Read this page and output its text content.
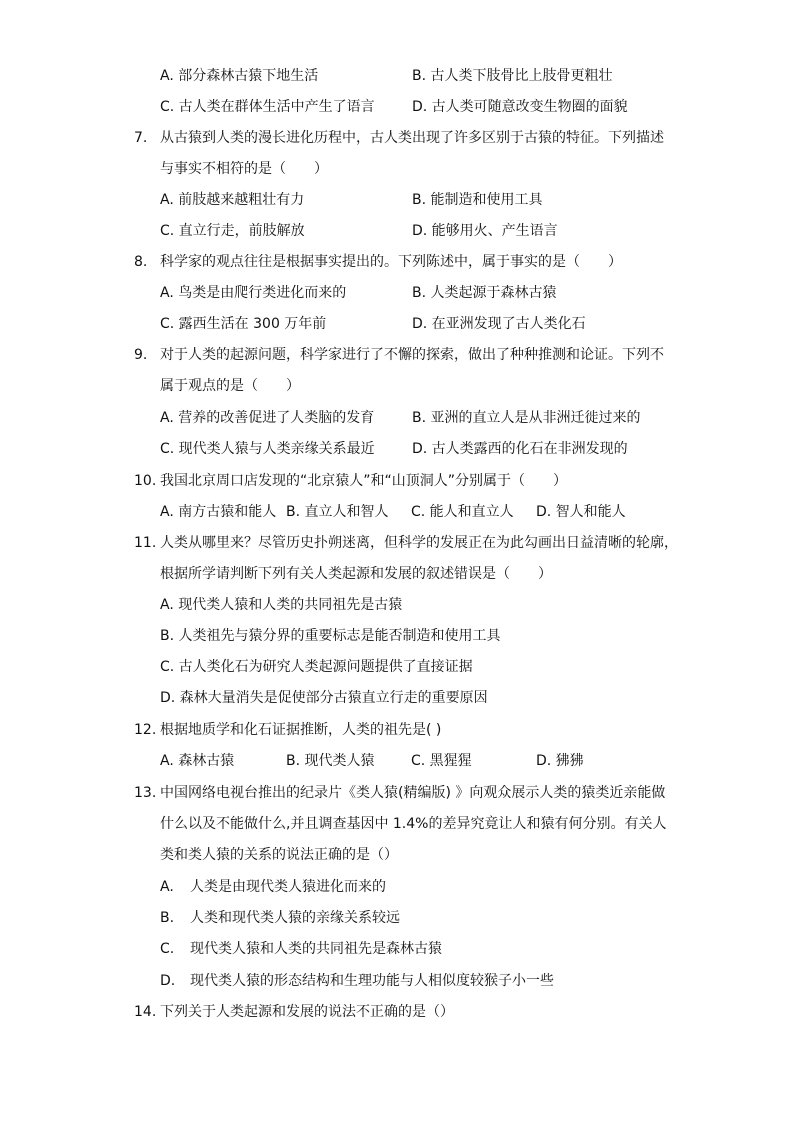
A. 部分森林古猿下地生活	B. 古人类下肢骨比上肢骨更粗壮
C. 古人类在群体生活中产生了语言	D. 古人类可随意改变生物圈的面貌
7. 从古猿到人类的漫长进化历程中，古人类出现了许多区别于古猿的特征。下列描述
与事实不相符的是（　　）
A. 前肢越来越粗壮有力	B. 能制造和使用工具
C. 直立行走，前肢解放	D. 能够用火、产生语言
8. 科学家的观点往往是根据事实提出的。下列陈述中，属于事实的是（　　）
A. 鸟类是由爬行类进化而来的	B. 人类起源于森林古猿
C. 露西生活在 300 万年前	D. 在亚洲发现了古人类化石
9. 对于人类的起源问题，科学家进行了不懈的探索，做出了种种推测和论证。下列不
属于观点的是（　　）
A. 营养的改善促进了人类脑的发育	B. 亚洲的直立人是从非洲迁徙过来的
C. 现代类人猿与人类亲缘关系最近	D. 古人类露西的化石在非洲发现的
10. 我国北京周口店发现的“北京猿人”和“山顶洞人”分别属于（　　）
A. 南方古猿和能人 B. 直立人和智人 C. 能人和直立人 D. 智人和能人
11. 人类从哪里来？尽管历史扑朔迷离，但科学的发展正在为此勾画出日益清晰的轮廓，
根据所学请判断下列有关人类起源和发展的叙述错误是（　　）
A. 现代类人猿和人类的共同祖先是古猿
B. 人类祖先与猿分界的重要标志是能否制造和使用工具
C. 古人类化石为研究人类起源问题提供了直接证据
D. 森林大量消失是促使部分古猿直立行走的重要原因
12. 根据地质学和化石证据推断，人类的祖先是( )
A. 森林古猿	B. 现代类人猿	C. 黑猩猩	D. 狒狒
13. 中国网络电视台推出的纪录片《类人猿(精编版) 》向观众展示人类的猿类近亲能做
什么以及不能做什么,并且调查基因中 1.4%的差异究竟让人和猿有何分别。有关人
类和类人猿的关系的说法正确的是（）
A. 人类是由现代类人猿进化而来的
B. 人类和现代类人猿的亲缘关系较远
C. 现代类人猿和人类的共同祖先是森林古猿
D. 现代类人猿的形态结构和生理功能与人相似度较猴子小一些
14. 下列关于人类起源和发展的说法不正确的是（）
